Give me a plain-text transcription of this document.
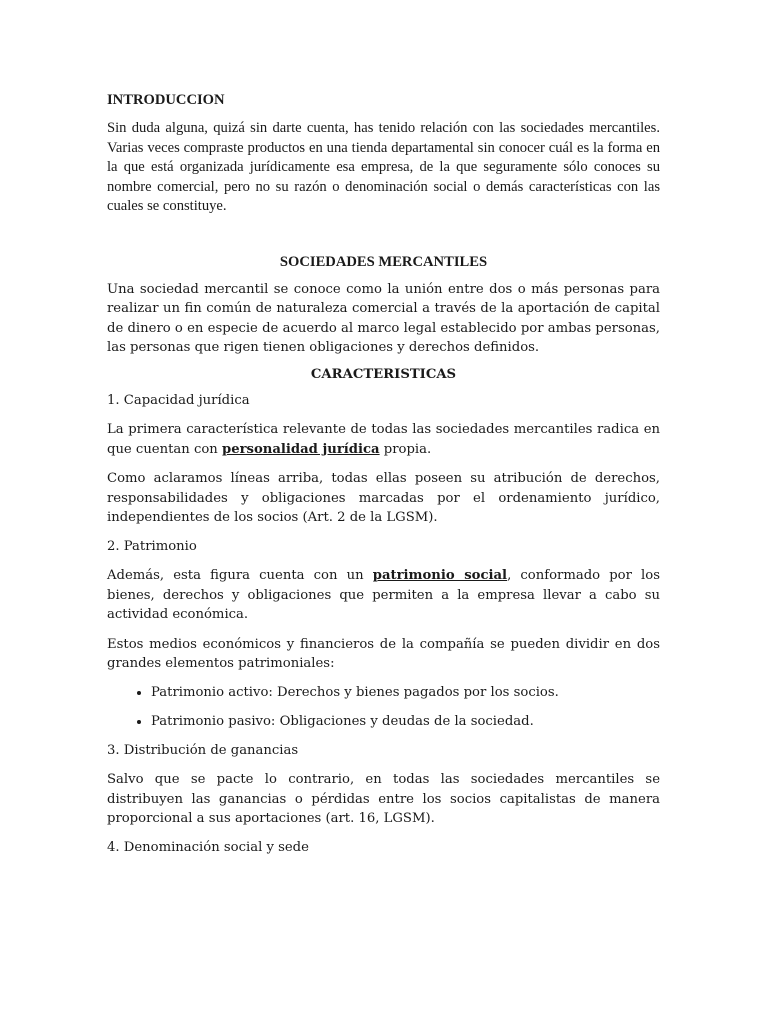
INTRODUCCION

Sin duda alguna, quizá sin darte cuenta, has tenido relación con las sociedades mercantiles. Varias veces compraste productos en una tienda departamental sin conocer cuál es la forma en la que está organizada jurídicamente esa empresa, de la que seguramente sólo conoces su nombre comercial, pero no su razón o denominación social o demás características con las cuales se constituye.

SOCIEDADES MERCANTILES

Una sociedad mercantil se conoce como la unión entre dos o más personas para realizar un fin común de naturaleza comercial a través de la aportación de capital de dinero o en especie de acuerdo al marco legal establecido por ambas personas, las personas que rigen tienen obligaciones y derechos definidos.

CARACTERISTICAS

1. Capacidad jurídica

La primera característica relevante de todas las sociedades mercantiles radica en que cuentan con personalidad jurídica propia.

Como aclaramos líneas arriba, todas ellas poseen su atribución de derechos, responsabilidades y obligaciones marcadas por el ordenamiento jurídico, independientes de los socios (Art. 2 de la LGSM).

2. Patrimonio

Además, esta figura cuenta con un patrimonio social, conformado por los bienes, derechos y obligaciones que permiten a la empresa llevar a cabo su actividad económica.

Estos medios económicos y financieros de la compañía se pueden dividir en dos grandes elementos patrimoniales:

• Patrimonio activo: Derechos y bienes pagados por los socios.
• Patrimonio pasivo: Obligaciones y deudas de la sociedad.

3. Distribución de ganancias

Salvo que se pacte lo contrario, en todas las sociedades mercantiles se distribuyen las ganancias o pérdidas entre los socios capitalistas de manera proporcional a sus aportaciones (art. 16, LGSM).

4. Denominación social y sede
